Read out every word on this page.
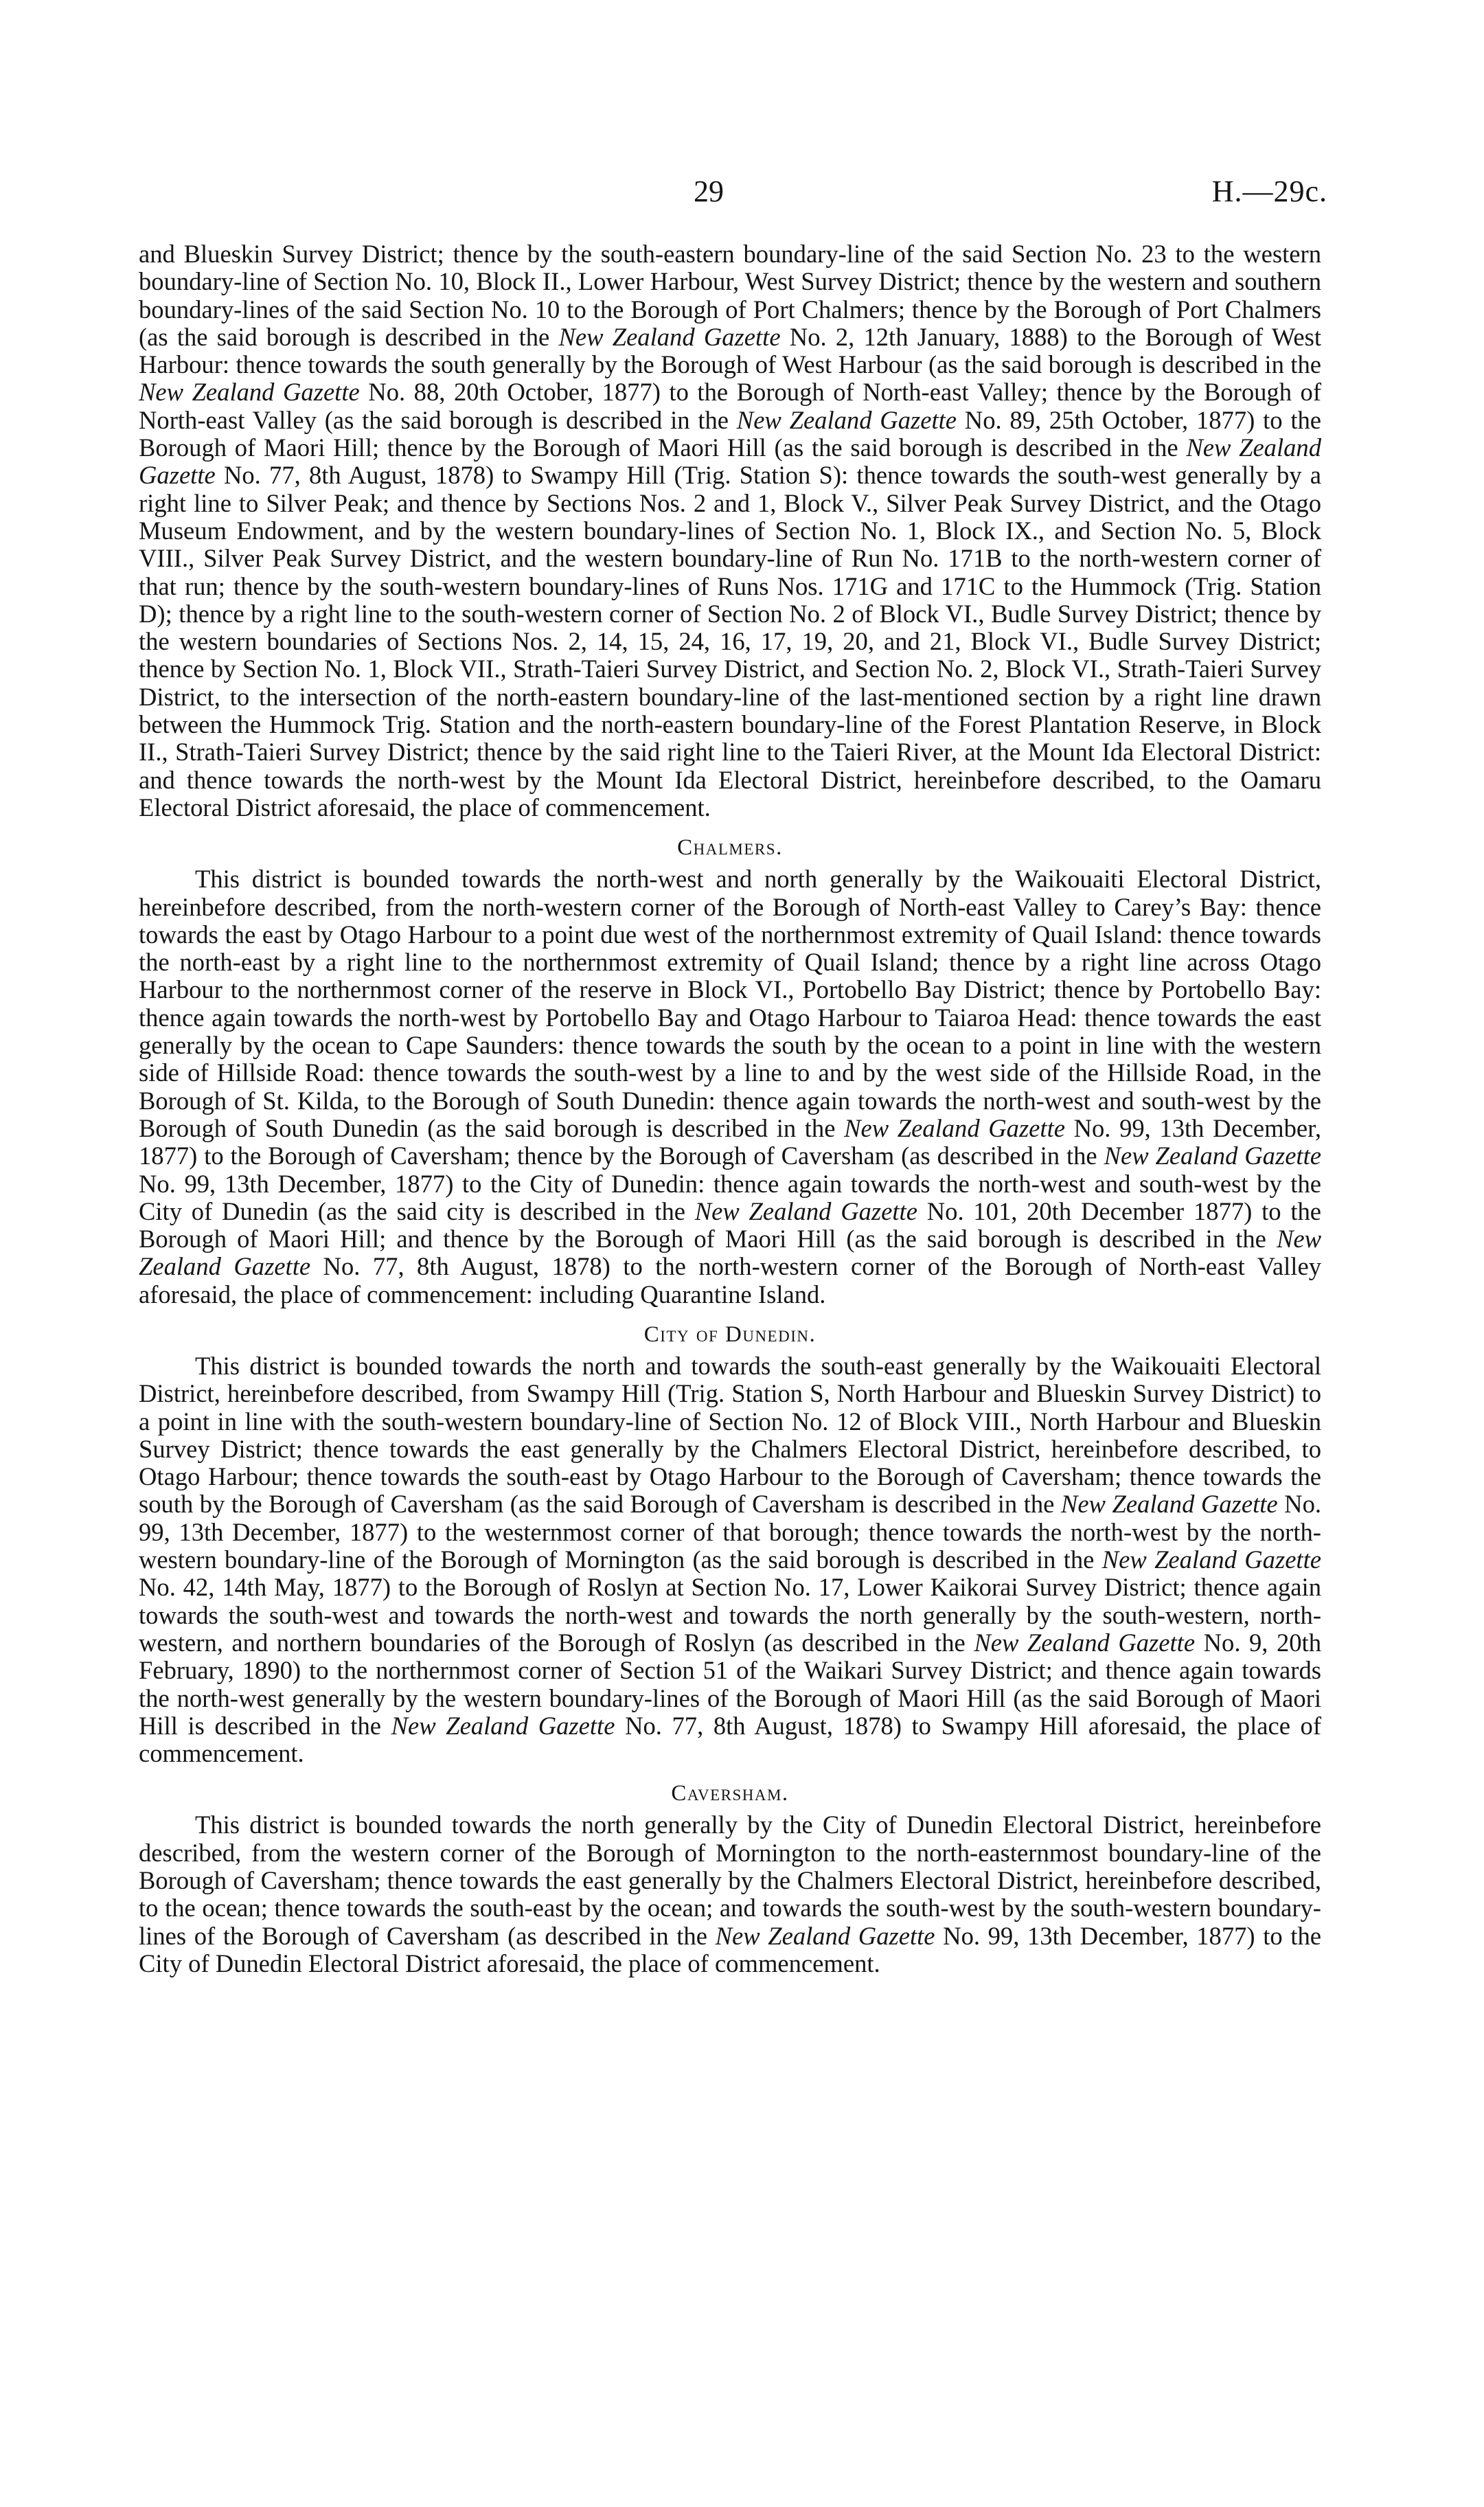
29	H.—29c.

and Blueskin Survey District; thence by the south-eastern boundary-line of the said Section No. 23 to the western boundary-line of Section No. 10, Block II., Lower Harbour, West Survey District; thence by the western and southern boundary-lines of the said Section No. 10 to the Borough of Port Chalmers; thence by the Borough of Port Chalmers (as the said borough is described in the New Zealand Gazette No. 2, 12th January, 1888) to the Borough of West Harbour: thence towards the south generally by the Borough of West Harbour (as the said borough is described in the New Zealand Gazette No. 88, 20th October, 1877) to the Borough of North-east Valley; thence by the Borough of North-east Valley (as the said borough is described in the New Zealand Gazette No. 89, 25th October, 1877) to the Borough of Maori Hill; thence by the Borough of Maori Hill (as the said borough is described in the New Zealand Gazette No. 77, 8th August, 1878) to Swampy Hill (Trig. Station S): thence towards the south-west generally by a right line to Silver Peak; and thence by Sections Nos. 2 and 1, Block V., Silver Peak Survey District, and the Otago Museum Endowment, and by the western boundary-lines of Section No. 1, Block IX., and Section No. 5, Block VIII., Silver Peak Survey District, and the western boundary-line of Run No. 171B to the north-western corner of that run; thence by the south-western boundary-lines of Runs Nos. 171G and 171C to the Hummock (Trig. Station D); thence by a right line to the south-western corner of Section No. 2 of Block VI., Budle Survey District; thence by the western boundaries of Sections Nos. 2, 14, 15, 24, 16, 17, 19, 20, and 21, Block VI., Budle Survey District; thence by Section No. 1, Block VII., Strath-Taieri Survey District, and Section No. 2, Block VI., Strath-Taieri Survey District, to the intersection of the north-eastern boundary-line of the last-mentioned section by a right line drawn between the Hummock Trig. Station and the north-eastern boundary-line of the Forest Plantation Reserve, in Block II., Strath-Taieri Survey District; thence by the said right line to the Taieri River, at the Mount Ida Electoral District: and thence towards the north-west by the Mount Ida Electoral District, hereinbefore described, to the Oamaru Electoral District aforesaid, the place of commencement.

Chalmers.

This district is bounded towards the north-west and north generally by the Waikouaiti Electoral District, hereinbefore described, from the north-western corner of the Borough of North-east Valley to Carey’s Bay: thence towards the east by Otago Harbour to a point due west of the northernmost extremity of Quail Island: thence towards the north-east by a right line to the northernmost extremity of Quail Island; thence by a right line across Otago Harbour to the northernmost corner of the reserve in Block VI., Portobello Bay District; thence by Portobello Bay: thence again towards the north-west by Portobello Bay and Otago Harbour to Taiaroa Head: thence towards the east generally by the ocean to Cape Saunders: thence towards the south by the ocean to a point in line with the western side of Hillside Road: thence towards the south-west by a line to and by the west side of the Hillside Road, in the Borough of St. Kilda, to the Borough of South Dunedin: thence again towards the north-west and south-west by the Borough of South Dunedin (as the said borough is described in the New Zealand Gazette No. 99, 13th December, 1877) to the Borough of Caversham; thence by the Borough of Caversham (as described in the New Zealand Gazette No. 99, 13th December, 1877) to the City of Dunedin: thence again towards the north-west and south-west by the City of Dunedin (as the said city is described in the New Zealand Gazette No. 101, 20th December 1877) to the Borough of Maori Hill; and thence by the Borough of Maori Hill (as the said borough is described in the New Zealand Gazette No. 77, 8th August, 1878) to the north-western corner of the Borough of North-east Valley aforesaid, the place of commencement: including Quarantine Island.

City of Dunedin.

This district is bounded towards the north and towards the south-east generally by the Waikouaiti Electoral District, hereinbefore described, from Swampy Hill (Trig. Station S, North Harbour and Blueskin Survey District) to a point in line with the south-western boundary-line of Section No. 12 of Block VIII., North Harbour and Blueskin Survey District; thence towards the east generally by the Chalmers Electoral District, hereinbefore described, to Otago Harbour; thence towards the south-east by Otago Harbour to the Borough of Caversham; thence towards the south by the Borough of Caversham (as the said Borough of Caversham is described in the New Zealand Gazette No. 99, 13th December, 1877) to the westernmost corner of that borough; thence towards the north-west by the north-western boundary-line of the Borough of Mornington (as the said borough is described in the New Zealand Gazette No. 42, 14th May, 1877) to the Borough of Roslyn at Section No. 17, Lower Kaikorai Survey District; thence again towards the south-west and towards the north-west and towards the north generally by the south-western, north-western, and northern boundaries of the Borough of Roslyn (as described in the New Zealand Gazette No. 9, 20th February, 1890) to the northernmost corner of Section 51 of the Waikari Survey District; and thence again towards the north-west generally by the western boundary-lines of the Borough of Maori Hill (as the said Borough of Maori Hill is described in the New Zealand Gazette No. 77, 8th August, 1878) to Swampy Hill aforesaid, the place of commencement.

Caversham.

This district is bounded towards the north generally by the City of Dunedin Electoral District, hereinbefore described, from the western corner of the Borough of Mornington to the north-easternmost boundary-line of the Borough of Caversham; thence towards the east generally by the Chalmers Electoral District, hereinbefore described, to the ocean; thence towards the south-east by the ocean; and towards the south-west by the south-western boundary-lines of the Borough of Caversham (as described in the New Zealand Gazette No. 99, 13th December, 1877) to the City of Dunedin Electoral District aforesaid, the place of commencement.
